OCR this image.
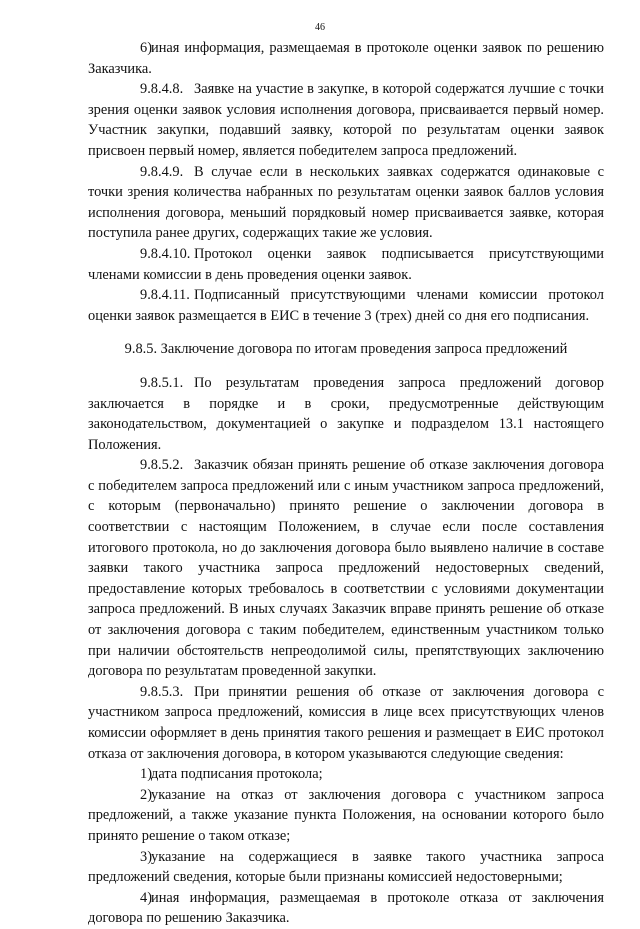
46

6)иная информация, размещаемая в протоколе оценки заявок по решению Заказчика.

9.8.4.8. Заявке на участие в закупке, в которой содержатся лучшие с точки зрения оценки заявок условия исполнения договора, присваивается первый номер. Участник закупки, подавший заявку, которой по результатам оценки заявок присвоен первый номер, является победителем запроса предложений.

9.8.4.9. В случае если в нескольких заявках содержатся одинаковые с точки зрения количества набранных по результатам оценки заявок баллов условия исполнения договора, меньший порядковый номер присваивается заявке, которая поступила ранее других, содержащих такие же условия.

9.8.4.10. Протокол оценки заявок подписывается присутствующими членами комиссии в день проведения оценки заявок.

9.8.4.11. Подписанный присутствующими членами комиссии протокол оценки заявок размещается в ЕИС в течение 3 (трех) дней со дня его подписания.

9.8.5. Заключение договора по итогам проведения запроса предложений

9.8.5.1. По результатам проведения запроса предложений договор заключается в порядке и в сроки, предусмотренные действующим законодательством, документацией о закупке и подразделом 13.1 настоящего Положения.

9.8.5.2. Заказчик обязан принять решение об отказе заключения договора с победителем запроса предложений или с иным участником запроса предложений, с которым (первоначально) принято решение о заключении договора в соответствии с настоящим Положением, в случае если после составления итогового протокола, но до заключения договора было выявлено наличие в составе заявки такого участника запроса предложений недостоверных сведений, предоставление которых требовалось в соответствии с условиями документации запроса предложений. В иных случаях Заказчик вправе принять решение об отказе от заключения договора с таким победителем, единственным участником только при наличии обстоятельств непреодолимой силы, препятствующих заключению договора по результатам проведенной закупки.

9.8.5.3. При принятии решения об отказе от заключения договора с участником запроса предложений, комиссия в лице всех присутствующих членов комиссии оформляет в день принятия такого решения и размещает в ЕИС протокол отказа от заключения договора, в котором указываются следующие сведения:

1)дата подписания протокола;

2)указание на отказ от заключения договора с участником запроса предложений, а также указание пункта Положения, на основании которого было принято решение о таком отказе;

3)указание на содержащиеся в заявке такого участника запроса предложений сведения, которые были признаны комиссией недостоверными;

4)иная информация, размещаемая в протоколе отказа от заключения договора по решению Заказчика.
